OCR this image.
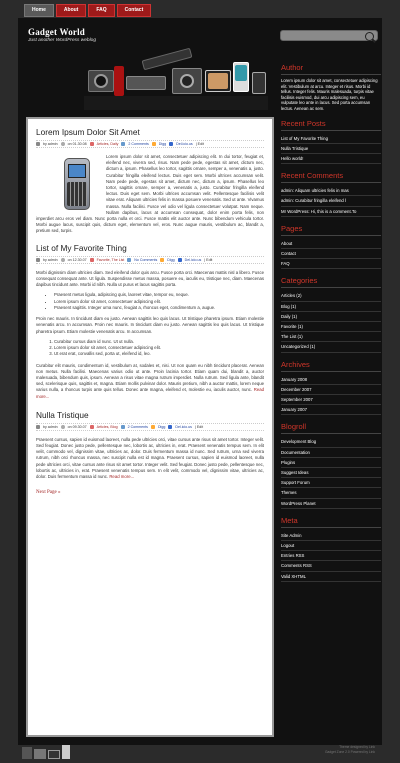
Home	About	FAQ	Contact
Gadget World
Just another WordPress weblog
Lorem Ipsum Dolor Sit Amet
by admin	on 01.30.08	Articles, Daily	2 Comments	Digg	Del.icio.us | Edit

Lorem ipsum dolor sit amet, consectetuer adipiscing elit. In dui tortor, feugiat et, eleifend nec, viverra sed, risus. Nam pede pede, egestas sit amet, dictum nec, dictum a, ipsum. Phasellus leo tortor, sagittis ornare, semper a, venenatis a, justo. Curabitur fringilla eleifend lectus. Duis eget sem. Morbi ultrices accumsan velit. Nam pede pede, egestas sit amet, dictum nec, dictum a, ipsum. Phasellus leo tortor, sagittis ornare, semper a, venenatis a, justo. Curabitur fringilla eleifend lectus. Duis eget sem. Morbi ultrices accumsan velit. Pellentesque facilisis velit vitae erat. Aliquam ultricies felis in massa posuere venenatis. Sed ut ante. Vivamus massa. Nulla facilisi. Fusce vel odio vel ligula consectetuer volutpat. Nam neque. Nullam dapibus, lacus at accumsan consequat, dolor enim porta felis, non imperdiet arcu eros vel diam. Nunc porta nulla et orci. Fusce mattis elit auctor ante. Nunc bibendum vehicula tortor. Morbi augue lacus, suscipit quis, dictum eget, elementum vel, eros. Nunc augue mauris, vestibulum ac, blandit a, pretium sed, turpis.

List of My Favorite Thing
by admin	on 12.30.07	Favorite, The List	No Comments	Digg	Del.icio.us | Edit

Morbi dignissim diam ultricies diam. Sed eleifend dolor quis arcu. Fusce porta orci. Maecenas mattis nisl a libero. Fusce consequat consequat ante. Ut ligula. Suspendisse metus massa, posuere eu, iaculis eu, tristique nec, diam. Maecenas dapibus tincidunt ante. Morbi id nibh. Nulla ut purus et lacus sagittis porta.

• Praesent metus ligula, adipiscing quis, laoreet vitae, tempor eu, neque.
• Lorem ipsum dolor sit amet, consectetuer adipiscing elit.
• Praesent sagittis. Integer urna nunc, feugiat a, rhoncus eget, condimentum a, augue.

Proin nec mauris. In tincidunt diam eu justo. Aenean sagittis leo quis lacus. Ut tristique pharetra ipsum. Etiam molestie venenatis arcu. In accumsan. Proin nec mauris. In tincidunt diam eu justo. Aenean sagittis leo quis lacus. Ut tristique pharetra ipsum. Etiam molestie venenatis arcu. In accumsan.

1. Curabitur cursus diam id nunc. Ut ut nulla.
2. Lorem ipsum dolor sit amet, consectetuer adipiscing elit.
3. Ut erat erat, convallis sed, porta ut, eleifend id, leo.

Curabitur elit mauris, condimentum id, vestibulum at, sodales et, nisi. Ut non quam eu nibh tincidunt placerat. Aenean non metus. Nulla facilisi. Maecenas varius odio ut ante. Proin lacinia tortor. Etiam quam dui, blandit a, auctor malesuada, bibendum quis, ipsum. Aenean a risus vitae magna rutrum imperdiet. Nulla rutrum. Sed ligula ante, blandit sed, scelerisque quis, sagittis et, magna. Etiam mollis pulvinar dolor. Mauris pretium, nibh a auctor mattis, lorem neque varius nulla, a rhoncus turpis ante quis tellus. Donec ante magna, eleifend et, molestie eu, iaculis auctor, nunc. Read more...

Nulla Tristique
by admin	on 09.30.07	Articles, Blog	2 Comments	Digg	Del.icio.us | Edit

Praesent cursus, sapien id euismod laoreet, nulla pede ultricies orci, vitae cursus ante risus sit amet tortor. Integer velit. Sed feugiat. Donec justo pede, pellentesque nec, lobortis ac, ultricies in, erat. Praesent venenatis tempus sem. In elit velit, commodo vel, dignissim vitae, ultricies ac, dolor. Duis fermentum massa id nunc. Sed rutrum, urna sed viverra rutrum, nibh orci rhoncus massa, nec suscipit nulla est id magna. Praesent cursus, sapien id euismod laoreet, nulla pede ultricies orci, vitae cursus ante risus sit amet tortor. Integer velit. Sed feugiat. Donec justo pede, pellentesque nec, lobortis ac, ultricies in, erat. Praesent venenatis tempus sem. In elit velit, commodo vel, dignissim vitae, ultricies ac, dolor. Duis fermentum massa id nunc. Read more...

Next Page »
Author

Lorem ipsum dolor sit amet, consectetuer adipiscing elit. Vestibulum at arcu. Integer et risus. Morbi id tellus. Integer felis. Mauris malesuada, turpis vitae facilisis euismod, dui arcu adipiscing sem, eu vulputate leo ante in lacus. Sed porta accumsan lectus. Aenean ac sem.

Recent Posts
List of My Favorite Thing
Nulla Tristique
Hello world!
Recent Comments
admin: Aliquam ultricies felis in mas
admin: Curabitur fringilla eleifend l
Mr WordPress: Hi, this is a comment.To
Pages
About
Contact
FAQ
Categories
Articles (2)
Blog (1)
Daily (1)
Favorite (1)
The List (1)
Uncategorized (1)
Archives
January 2008
December 2007
September 2007
January 2007
Blogroll
Development Blog
Documentation
Plugins
Suggest Ideas
Support Forum
Themes
WordPress Planet
Meta
Site Admin
Logout
Entries RSS
Comments RSS
Valid XHTML
Theme designed by Link
Gadget Zone 2.0 Powered by Link
